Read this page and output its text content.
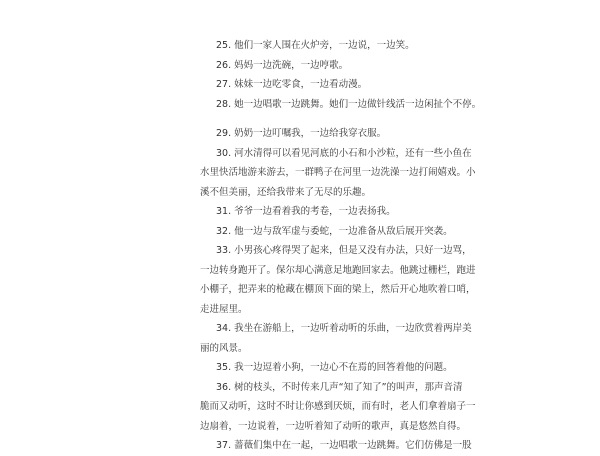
25. 他们一家人围在火炉旁，一边说，一边笑。
26. 妈妈一边洗碗，一边哼歌。
27. 妹妹一边吃零食，一边看动漫。
28. 她一边唱歌一边跳舞。她们一边做针线活一边闲扯个不停。
29. 奶奶一边叮嘱我，一边给我穿衣服。
30. 河水清得可以看见河底的小石和小沙粒，还有一些小鱼在
水里快活地游来游去，一群鸭子在河里一边洗澡一边打闹嬉戏。小
溪不但美丽，还给我带来了无尽的乐趣。
31. 爷爷一边看着我的考卷，一边表扬我。
32. 他一边与敌军虚与委蛇，一边准备从敌后展开突袭。
33. 小男孩心疼得哭了起来，但是又没有办法，只好一边骂，
一边转身跑开了。保尔却心满意足地跑回家去。他跳过栅栏，跑进
小棚子，把弄来的枪藏在棚顶下面的梁上，然后开心地吹着口哨，
走进屋里。
34. 我坐在游船上，一边听着动听的乐曲，一边欣赏着两岸美
丽的风景。
35. 我一边逗着小狗，一边心不在焉的回答着他的问题。
36. 树的枝头，不时传来几声“知了知了”的叫声，那声音清
脆而又动听，这时不时让你感到厌烦，而有时，老人们拿着扇子一
边扇着，一边说着，一边听着知了动听的歌声，真是悠然自得。
37. 蔷薇们集中在一起，一边唱歌一边跳舞。它们仿佛是一股
